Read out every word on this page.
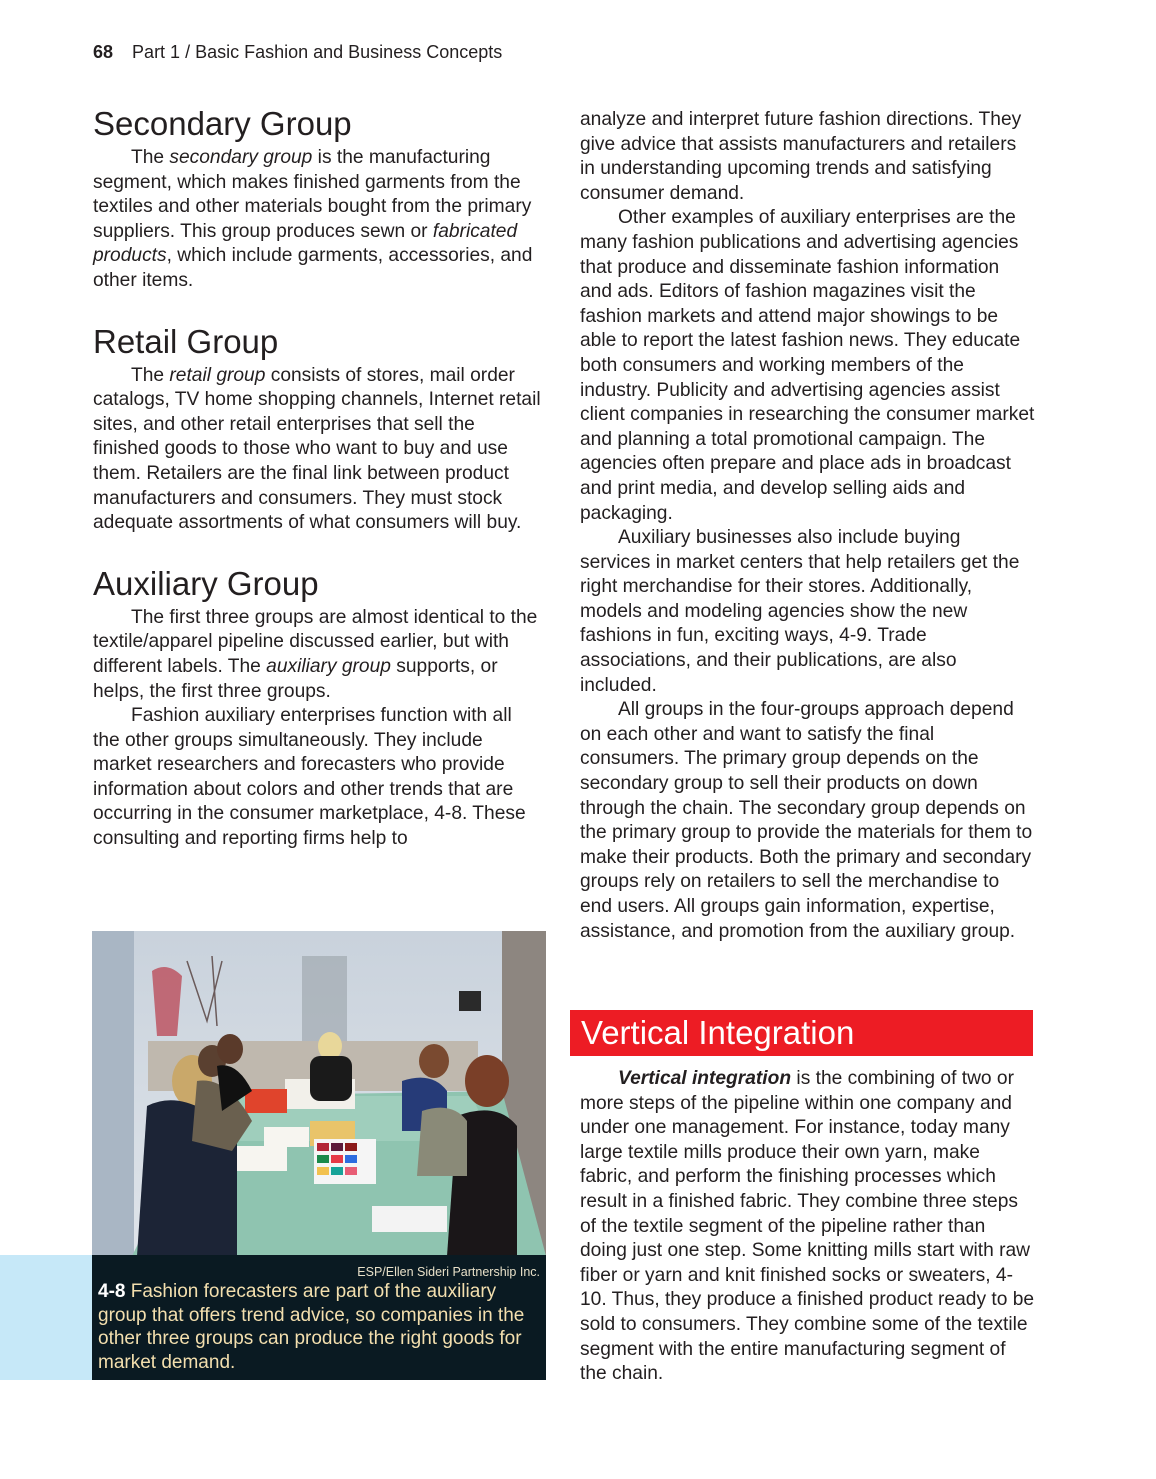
68 Part 1 / Basic Fashion and Business Concepts
Secondary Group

The secondary group is the manufacturing segment, which makes finished garments from the textiles and other materials bought from the primary suppliers. This group produces sewn or fabricated products, which include garments, accessories, and other items.

Retail Group

The retail group consists of stores, mail order catalogs, TV home shopping channels, Internet retail sites, and other retail enterprises that sell the finished goods to those who want to buy and use them. Retailers are the final link between product manufacturers and consumers. They must stock adequate assortments of what consumers will buy.

Auxiliary Group

The first three groups are almost identical to the textile/apparel pipeline discussed earlier, but with different labels. The auxiliary group supports, or helps, the first three groups.

Fashion auxiliary enterprises function with all the other groups simultaneously. They include market researchers and forecasters who provide information about colors and other trends that are occurring in the consumer marketplace, 4-8. These consulting and reporting firms help to

analyze and interpret future fashion directions. They give advice that assists manufacturers and retailers in understanding upcoming trends and satisfying consumer demand.

Other examples of auxiliary enterprises are the many fashion publications and advertising agencies that produce and disseminate fashion information and ads. Editors of fashion magazines visit the fashion markets and attend major showings to be able to report the latest fashion news. They educate both consumers and working members of the industry. Publicity and advertising agencies assist client companies in researching the consumer market and planning a total promotional campaign. The agencies often prepare and place ads in broadcast and print media, and develop selling aids and packaging.

Auxiliary businesses also include buying services in market centers that help retailers get the right merchandise for their stores. Additionally, models and modeling agencies show the new fashions in fun, exciting ways, 4-9. Trade associations, and their publications, are also included.

All groups in the four-groups approach depend on each other and want to satisfy the final consumers. The primary group depends on the secondary group to sell their products on down through the chain. The secondary group depends on the primary group to provide the materials for them to make their products. Both the primary and secondary groups rely on retailers to sell the merchandise to end users. All groups gain information, expertise, assistance, and promotion from the auxiliary group.

ESP/Ellen Sideri Partnership Inc.
4-8 Fashion forecasters are part of the auxiliary group that offers trend advice, so companies in the other three groups can produce the right goods for market demand.
Vertical Integration

Vertical integration is the combining of two or more steps of the pipeline within one company and under one management. For instance, today many large textile mills produce their own yarn, make fabric, and perform the finishing processes which result in a finished fabric. They combine three steps of the textile segment of the pipeline rather than doing just one step. Some knitting mills start with raw fiber or yarn and knit finished socks or sweaters, 4-10. Thus, they produce a finished product ready to be sold to consumers. They combine some of the textile segment with the entire manufacturing segment of the chain.
